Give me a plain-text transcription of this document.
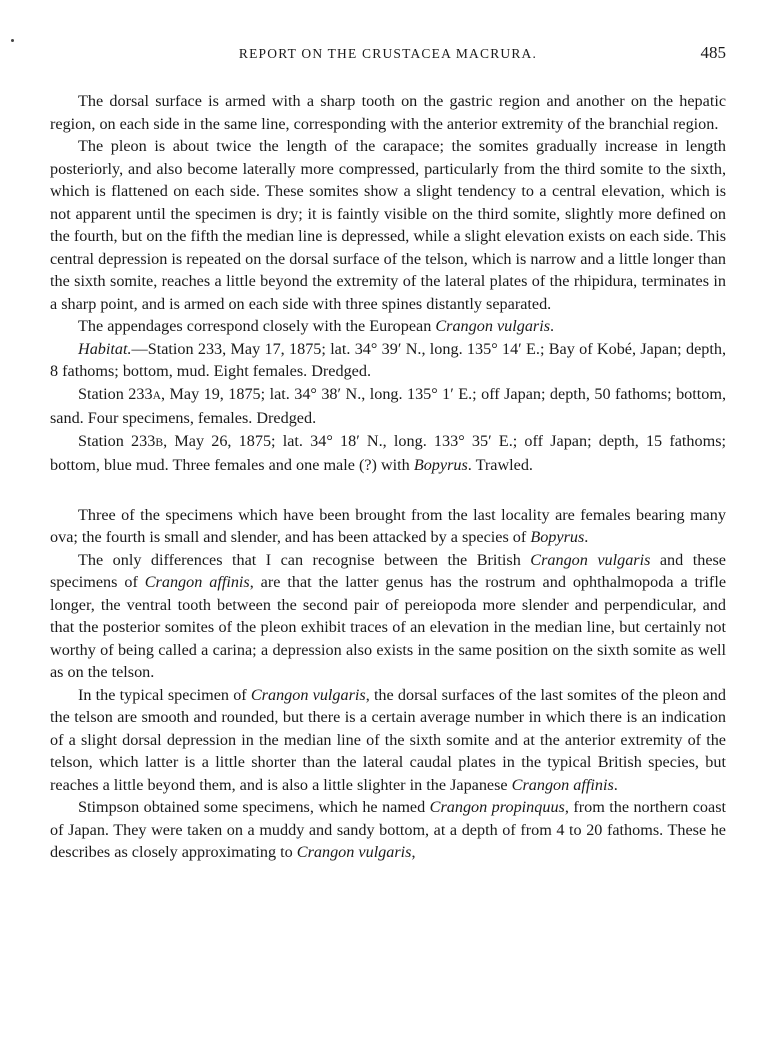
REPORT ON THE CRUSTACEA MACRURA.	485

The dorsal surface is armed with a sharp tooth on the gastric region and another on the hepatic region, on each side in the same line, corresponding with the anterior extremity of the branchial region.

The pleon is about twice the length of the carapace; the somites gradually increase in length posteriorly, and also become laterally more compressed, particularly from the third somite to the sixth, which is flattened on each side. These somites show a slight tendency to a central elevation, which is not apparent until the specimen is dry; it is faintly visible on the third somite, slightly more defined on the fourth, but on the fifth the median line is depressed, while a slight elevation exists on each side. This central depression is repeated on the dorsal surface of the telson, which is narrow and a little longer than the sixth somite, reaches a little beyond the extremity of the lateral plates of the rhipidura, terminates in a sharp point, and is armed on each side with three spines distantly separated.

The appendages correspond closely with the European Crangon vulgaris.

Habitat.—Station 233, May 17, 1875; lat. 34° 39′ N., long. 135° 14′ E.; Bay of Kobé, Japan; depth, 8 fathoms; bottom, mud. Eight females. Dredged.

Station 233A, May 19, 1875; lat. 34° 38′ N., long. 135° 1′ E.; off Japan; depth, 50 fathoms; bottom, sand. Four specimens, females. Dredged.

Station 233B, May 26, 1875; lat. 34° 18′ N., long. 133° 35′ E.; off Japan; depth, 15 fathoms; bottom, blue mud. Three females and one male (?) with Bopyrus. Trawled.

Three of the specimens which have been brought from the last locality are females bearing many ova; the fourth is small and slender, and has been attacked by a species of Bopyrus.

The only differences that I can recognise between the British Crangon vulgaris and these specimens of Crangon affinis, are that the latter genus has the rostrum and ophthalmopoda a trifle longer, the ventral tooth between the second pair of pereiopoda more slender and perpendicular, and that the posterior somites of the pleon exhibit traces of an elevation in the median line, but certainly not worthy of being called a carina; a depression also exists in the same position on the sixth somite as well as on the telson.

In the typical specimen of Crangon vulgaris, the dorsal surfaces of the last somites of the pleon and the telson are smooth and rounded, but there is a certain average number in which there is an indication of a slight dorsal depression in the median line of the sixth somite and at the anterior extremity of the telson, which latter is a little shorter than the lateral caudal plates in the typical British species, but reaches a little beyond them, and is also a little slighter in the Japanese Crangon affinis.

Stimpson obtained some specimens, which he named Crangon propinquus, from the northern coast of Japan. They were taken on a muddy and sandy bottom, at a depth of from 4 to 20 fathoms. These he describes as closely approximating to Crangon vulgaris,
